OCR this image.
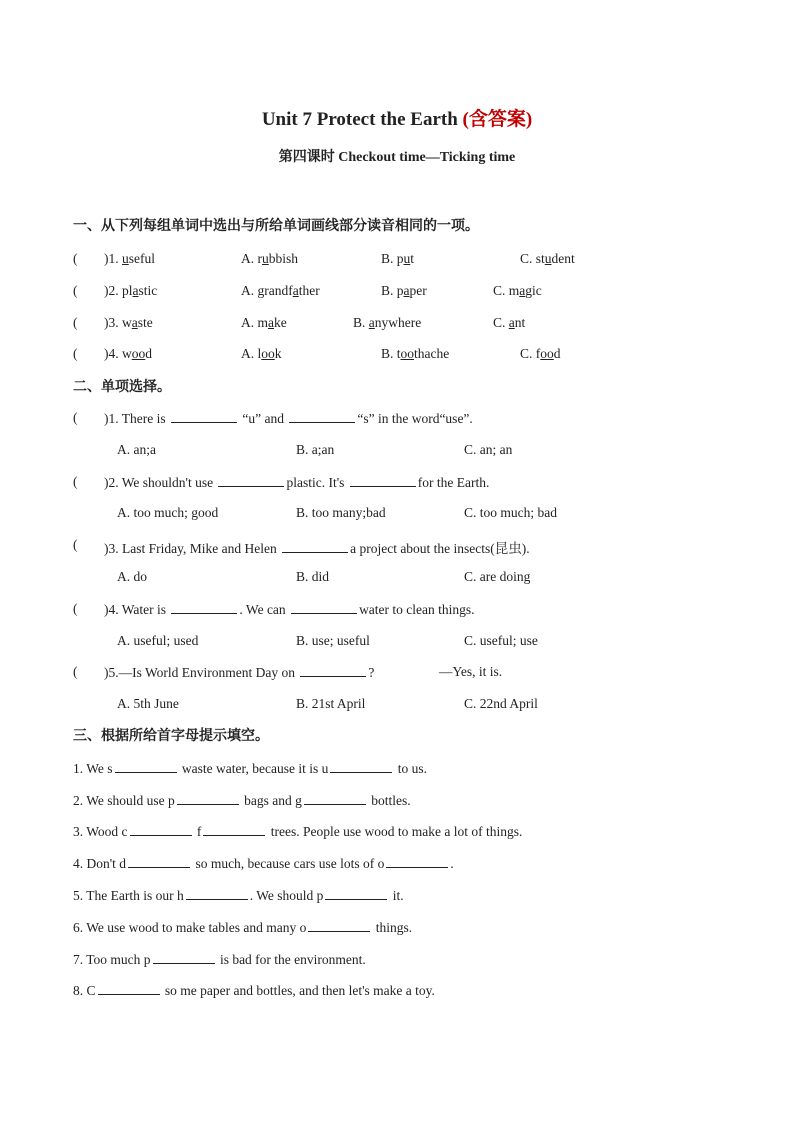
Unit 7 Protect the Earth (含答案)
第四课时 Checkout time—Ticking time
一、从下列每组单词中选出与所给单词画线部分读音相同的一项。
( )1. useful	A. rubbish	B. put	C. student
( )2. plastic	A. grandfather	B. paper	C. magic
( )3. waste	A. make	B. anywhere	C. ant
( )4. wood	A. look	B. toothache	C. food
二、单项选择。
( )1. There is	“u” and	“s” in the word“use”.
A. an;a	B. a;an	C. an; an
( )2. We shouldn't use	plastic. It's	for the Earth.
A. too much; good	B. too many;bad	C. too much; bad
( )3. Last Friday, Mike and Helen	a project about the insects(昆虫).
A. do	B. did	C. are doing
( )4. Water is	. We can	water to clean things.
A. useful; used	B. use; useful	C. useful; use
( )5.—Is World Environment Day on	?	—Yes, it is.
A. 5th June	B. 21st April	C. 22nd April
三、根据所给首字母提示填空。
1. We s	waste water, because it is u	to us.
2. We should use p	bags and g	bottles.
3. Wood c	f	trees. People use wood to make a lot of things.
4. Don't d	so much, because cars use lots of o	.
5. The Earth is our h	. We should p	it.
6. We use wood to make tables and many o	things.
7. Too much p	is bad for the environment.
8. C	so me paper and bottles, and then let's make a toy.
